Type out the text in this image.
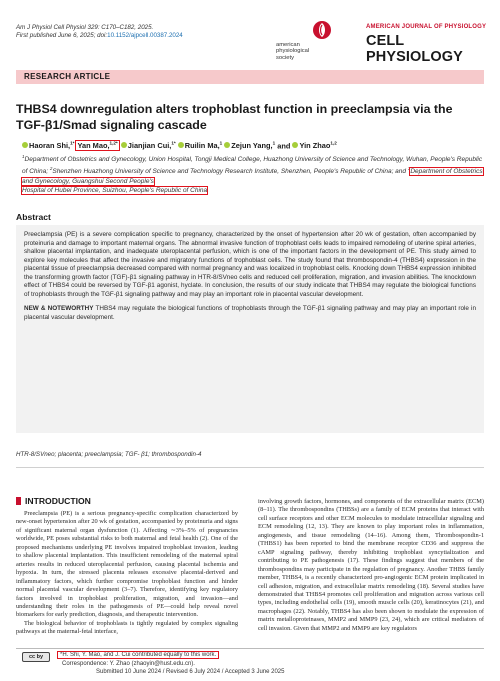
Am J Physiol Cell Physiol 329: C170–C182, 2025.
First published June 6, 2025; doi:10.1152/ajpcell.00387.2024
american
physiological
society
AMERICAN JOURNAL OF PHYSIOLOGY
CELL PHYSIOLOGY
RESEARCH ARTICLE
THBS4 downregulation alters trophoblast function in preeclampsia via the TGF-β1/Smad signaling cascade
Haoran Shi,$^{1*}$ Yan Mao,$^{1,2*}$ Jianjian Cui,$^{1*}$ Ruilin Ma,$^1$ Zejun Yang,$^1$ and Yin Zhao$^{1,2}$
$^1$Department of Obstetrics and Gynecology, Union Hospital, Tongji Medical College, Huazhong University of Science and Technology, Wuhan, People's Republic of China; $^2$Shenzhen Huazhong University of Science and Technology Research Institute, Shenzhen, People's Republic of China; and $^3$Department of Obstetrics and Gynecology, Guangshui Second People's
Hospital of Hubei Province, Suizhou, People's Republic of China
Abstract

Preeclampsia (PE) is a severe complication specific to pregnancy, characterized by the onset of hypertension after 20 wk of gestation, often accompanied by proteinuria and damage to important maternal organs. The abnormal invasive function of trophoblast cells leads to impaired remodeling of uterine spiral arteries, shallow placental implantation, and inadequate uteroplacental perfusion, which is one of the important factors in the development of PE. This study aimed to explore key molecules that affect the invasive and migratory functions of trophoblast cells. The study found that thrombospondin-4 (THBS4) expression in the placental tissue of preeclampsia decreased compared with normal pregnancy and was localized in trophoblast cells. Knocking down THBS4 expression inhibited the transforming growth factor (TGF)-β1 signaling pathway in HTR-8/SVneo cells and reduced cell proliferation, migration, and invasion abilities. The knockdown effect of THBS4 could be reversed by TGF-β1 agonist, hyclate. In conclusion, the results of our study indicate that THBS4 may regulate the biological functions of trophoblasts through the TGF-β1 signaling pathway and may play an important role in placental vascular development.

NEW & NOTEWORTHY THBS4 may regulate the biological functions of trophoblasts through the TGF-β1 signaling pathway and may play an important role in placental vascular development.

HTR-8/SVneo; placenta; preeclampsia; TGF- β1; thrombospondin-4
INTRODUCTION

Preeclampsia (PE) is a serious pregnancy-specific complication characterized by new-onset hypertension after 20 wk of gestation, accompanied by proteinuria and signs of significant maternal organ dysfunction (1). Affecting ∼3%–5% of pregnancies worldwide, PE poses substantial risks to both maternal and fetal health (2). One of the proposed mechanisms underlying PE involves impaired trophoblast invasion, leading to shallow placental implantation. This insufficient remodeling of the maternal spiral arteries results in reduced uteroplacental perfusion, causing placental ischemia and hypoxia. In turn, the stressed placenta releases excessive placental-derived and inflammatory factors, which further compromise trophoblast function and hinder normal placental vascular development (3–7). Therefore, identifying key regulatory factors involved in trophoblast proliferation, migration, and invasion—and understanding their roles in the pathogenesis of PE—could help reveal novel biomarkers for early prediction, diagnosis, and therapeutic intervention.

The biological behavior of trophoblasts is tightly regulated by complex signaling pathways at the maternal-fetal interface,

involving growth factors, hormones, and components of the extracellular matrix (ECM) (8–11). The thrombospondins (THBSs) are a family of ECM proteins that interact with cell surface receptors and other ECM molecules to modulate intracellular signaling and ECM remodeling (12, 13). They are known to play important roles in inflammation, angiogenesis, and tissue remodeling (14–16). Among them, Thrombospondin-1 (THBS1) has been reported to bind the membrane receptor CD36 and suppress the cAMP signaling pathway, thereby inhibiting trophoblast syncytialization and contributing to PE pathogenesis (17). These findings suggest that members of the thrombospondins may participate in the regulation of pregnancy. Another THBS family member, THBS4, is a recently characterized pro-angiogenic ECM protein implicated in cell adhesion, migration, and extracellular matrix remodeling (18). Several studies have demonstrated that THBS4 promotes cell proliferation and migration across various cell types, including endothelial cells (19), smooth muscle cells (20), keratinocytes (21), and macrophages (22). Notably, THBS4 has also been shown to modulate the expression of matrix metalloproteinases, MMP2 and MMP9 (23, 24), which are critical mediators of cell invasion. Given that MMP2 and MMP9 are key regulators

cc by	*H. Shi, Y. Mao, and J. Cui contributed equally to this work.
Correspondence: Y. Zhao (zhaoyin@hust.edu.cn).
Submitted 10 June 2024 / Revised 6 July 2024 / Accepted 3 June 2025
